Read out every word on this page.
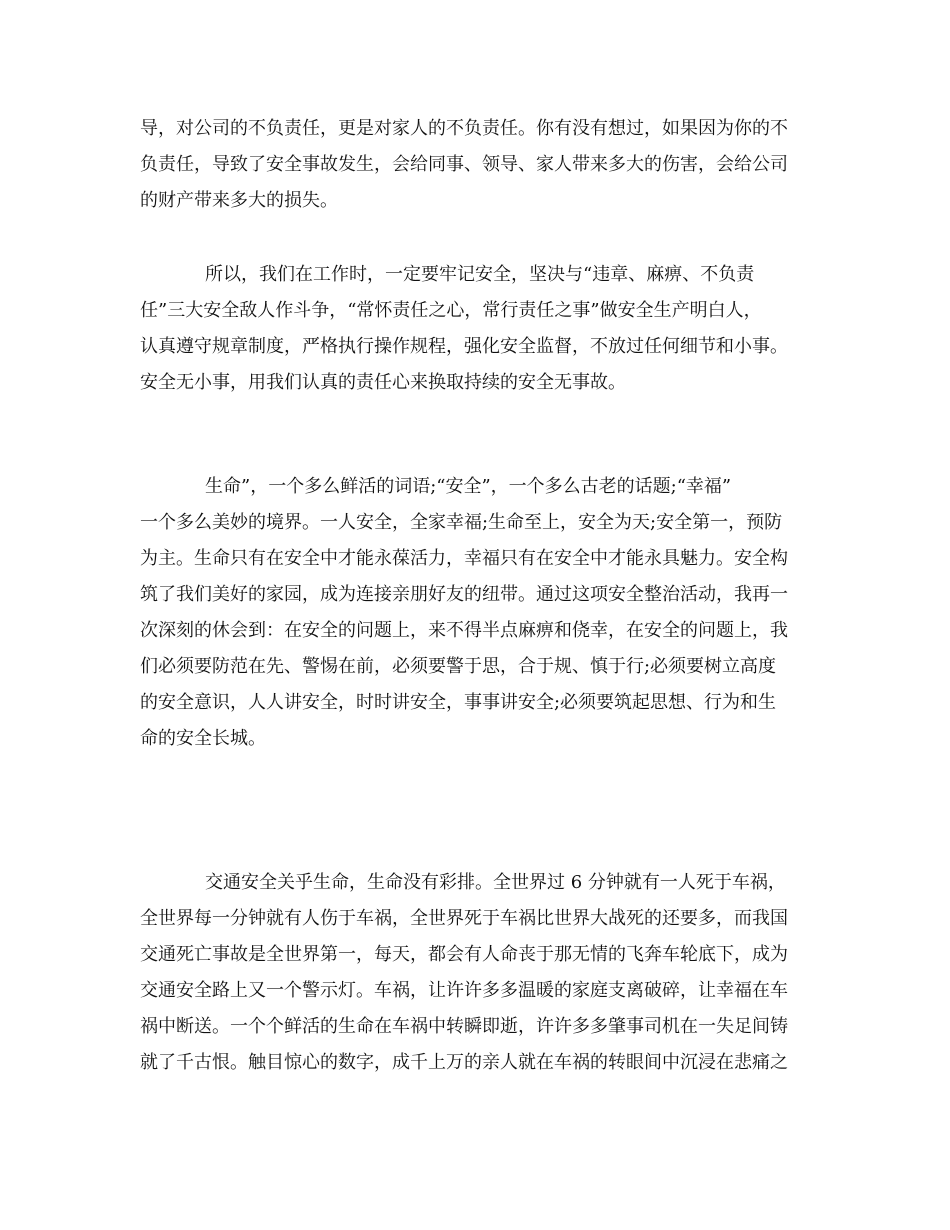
导，对公司的不负责任，更是对家人的不负责任。你有没有想过，如果因为你的不
负责任，导致了安全事故发生，会给同事、领导、家人带来多大的伤害，会给公司
的财产带来多大的损失。
所以，我们在工作时，一定要牢记安全，坚决与“违章、麻痹、不负责
任”三大安全敌人作斗争，“常怀责任之心，常行责任之事”做安全生产明白人，
认真遵守规章制度，严格执行操作规程，强化安全监督，不放过任何细节和小事。
安全无小事，用我们认真的责任心来换取持续的安全无事故。
生命”，一个多么鲜活的词语;“安全”，一个多么古老的话题;“幸福”
一个多么美妙的境界。一人安全，全家幸福;生命至上，安全为天;安全第一，预防
为主。生命只有在安全中才能永葆活力，幸福只有在安全中才能永具魅力。安全构
筑了我们美好的家园，成为连接亲朋好友的纽带。通过这项安全整治活动，我再一
次深刻的休会到：在安全的问题上，来不得半点麻痹和侥幸，在安全的问题上，我
们必须要防范在先、警惕在前，必须要警于思，合于规、慎于行;必须要树立高度
的安全意识，人人讲安全，时时讲安全，事事讲安全;必须要筑起思想、行为和生
命的安全长城。
交通安全关乎生命，生命没有彩排。全世界过 6 分钟就有一人死于车祸，
全世界每一分钟就有人伤于车祸，全世界死于车祸比世界大战死的还要多，而我国
交通死亡事故是全世界第一，每天，都会有人命丧于那无情的飞奔车轮底下，成为
交通安全路上又一个警示灯。车祸，让许许多多温暖的家庭支离破碎，让幸福在车
祸中断送。一个个鲜活的生命在车祸中转瞬即逝，许许多多肇事司机在一失足间铸
就了千古恨。触目惊心的数字，成千上万的亲人就在车祸的转眼间中沉浸在悲痛之
